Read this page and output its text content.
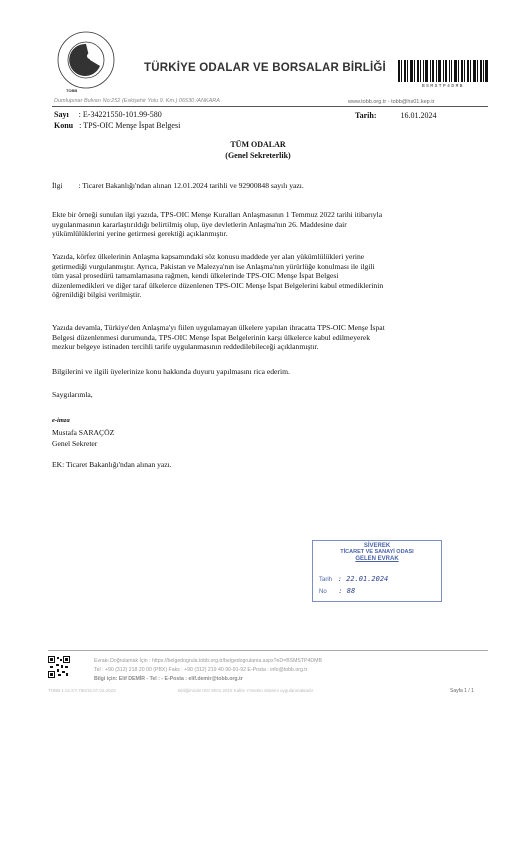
TOBB
TÜRKİYE ODALAR VE BORSALAR BİRLİĞİ
BSMSTP4DMB
Dumlupınar Bulvarı No:252 (Eskişehir Yolu 9. Km.) 06530 /ANKARA	www.tobb.org.tr - tobb@hs01.kep.tr
Sayı : E-34221550-101.99-580
Konu : TPS-OIC Menşe İspat Belgesi
Tarih:	16.01.2024
TÜM ODALAR
(Genel Sekreterlik)
İlgi : Ticaret Bakanlığı'ndan alınan 12.01.2024 tarihli ve 92900848 sayılı yazı.
Ekte bir örneği sunulan ilgi yazıda, TPS-OIC Menşe Kuralları Anlaşmasının 1 Temmuz 2022 tarihi itibarıyla
uygulanmasının kararlaştırıldığı belirtilmiş olup, üye devletlerin Anlaşma'nın 26. Maddesine dair
yükümlülüklerini yerine getirmesi gerektiği açıklanmıştır.
Yazıda, körfez ülkelerinin Anlaşma kapsamındaki söz konusu maddede yer alan yükümlülükleri yerine
getirmediği vurgulanmıştır. Ayrıca, Pakistan ve Malezya'nın ise Anlaşma'nın yürürlüğe konulması ile ilgili
tüm yasal prosedürü tamamlamasına rağmen, kendi ülkelerinde TPS-OIC Menşe İspat Belgesi
düzenlemedikleri ve diğer taraf ülkelerce düzenlenen TPS-OIC Menşe İspat Belgelerini kabul etmediklerinin
öğrenildiği bilgisi verilmiştir.
Yazıda devamla, Türkiye'den Anlaşma'yı fiilen uygulamayan ülkelere yapılan ihracatta TPS-OIC Menşe İspat
Belgesi düzenlenmesi durumunda, TPS-OIC Menşe İspat Belgelerinin karşı ülkelerce kabul edilmeyerek
mezkur belgeye istinaden tercihli tarife uygulanmasının reddedilebileceği açıklanmıştır.
Bilgilerini ve ilgili üyelerinize konu hakkında duyuru yapılmasını rica ederim.
Saygılarımla,
e-imza
Mustafa SARAÇÖZ
Genel Sekreter
EK: Ticaret Bakanlığı'ndan alınan yazı.
SİVEREK
TİCARET VE SANAYİ ODASI
GELEN EVRAK
Tarih : 22.01.2024
No : 88
Evrakı Doğrulamak İçin : https://belgedogrula.tobb.org.tr/belgedogrulama.aspx?eD=BSMSTP4DMB
Tel : +90 (312) 218 20 00 (PBX) Faks : +90 (312) 219 40 90-91-92 E-Posta : info@tobb.org.tr
Bilgi için: Elif DEMİR - Tel : - E-Posta : elif.demir@tobb.org.tr
TOBB 1.01.KY.790/15.07.02.2023	Birliğimizde ISO 9001:2015 Kalite Yönetim Sistemi uygulanmaktadır	Sayfa 1 / 1
